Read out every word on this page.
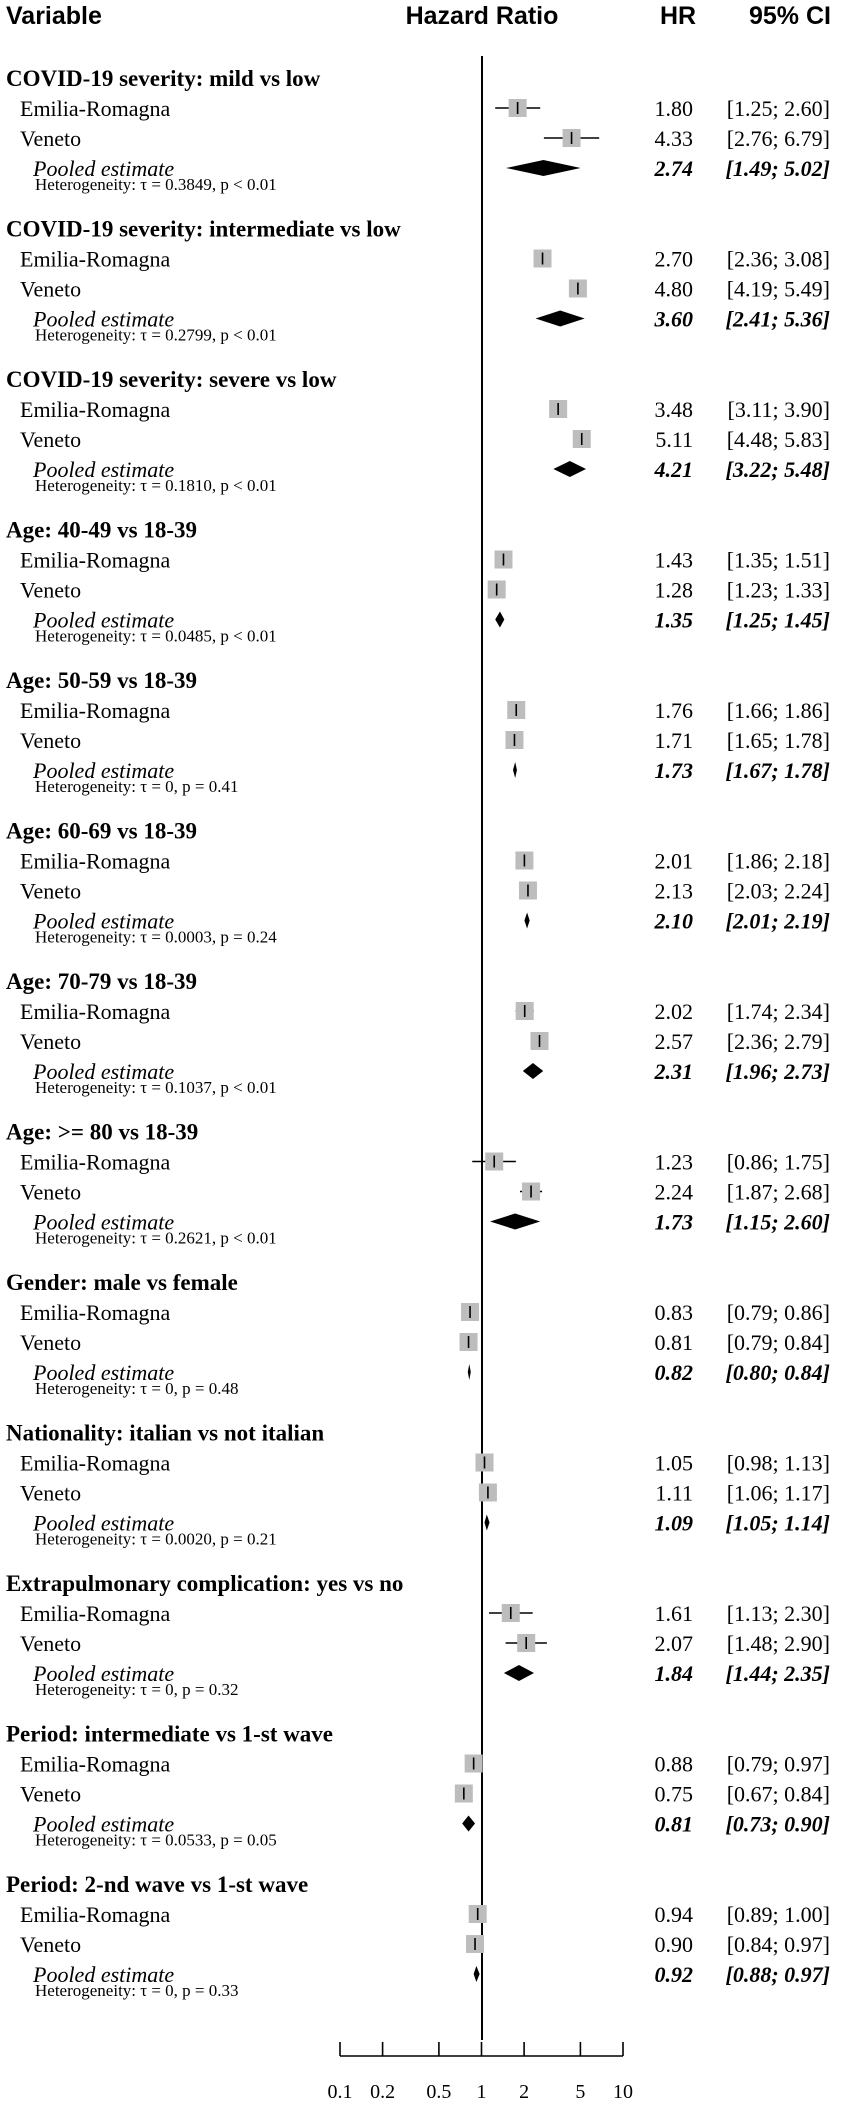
Variable	Hazard Ratio	HR 95% CI
COVID-19 severity: mild vs low
Emilia-Romagna	1.80 [1.25; 2.60]
Veneto	4.33 [2.76; 6.79]
Pooled estimate	2.74 [1.49; 5.02]
Heterogeneity: τ = 0.3849, p < 0.01
COVID-19 severity: intermediate vs low
Emilia-Romagna	2.70 [2.36; 3.08]
Veneto	4.80 [4.19; 5.49]
Pooled estimate	3.60 [2.41; 5.36]
Heterogeneity: τ = 0.2799, p < 0.01
COVID-19 severity: severe vs low
Emilia-Romagna	3.48 [3.11; 3.90]
Veneto	5.11 [4.48; 5.83]
Pooled estimate	4.21 [3.22; 5.48]
Heterogeneity: τ = 0.1810, p < 0.01
Age: 40-49 vs 18-39
Emilia-Romagna	1.43 [1.35; 1.51]
Veneto	1.28 [1.23; 1.33]
Pooled estimate	1.35 [1.25; 1.45]
Heterogeneity: τ = 0.0485, p < 0.01
Age: 50-59 vs 18-39
Emilia-Romagna	1.76 [1.66; 1.86]
Veneto	1.71 [1.65; 1.78]
Pooled estimate	1.73 [1.67; 1.78]
Heterogeneity: τ = 0, p = 0.41
Age: 60-69 vs 18-39
Emilia-Romagna	2.01 [1.86; 2.18]
Veneto	2.13 [2.03; 2.24]
Pooled estimate	2.10 [2.01; 2.19]
Heterogeneity: τ = 0.0003, p = 0.24
Age: 70-79 vs 18-39
Emilia-Romagna	2.02 [1.74; 2.34]
Veneto	2.57 [2.36; 2.79]
Pooled estimate	2.31 [1.96; 2.73]
Heterogeneity: τ = 0.1037, p < 0.01
Age: >= 80 vs 18-39
Emilia-Romagna	1.23 [0.86; 1.75]
Veneto	2.24 [1.87; 2.68]
Pooled estimate	1.73 [1.15; 2.60]
Heterogeneity: τ = 0.2621, p < 0.01
Gender: male vs female
Emilia-Romagna	0.83 [0.79; 0.86]
Veneto	0.81 [0.79; 0.84]
Pooled estimate	0.82 [0.80; 0.84]
Heterogeneity: τ = 0, p = 0.48
Nationality: italian vs not italian
Emilia-Romagna	1.05 [0.98; 1.13]
Veneto	1.11 [1.06; 1.17]
Pooled estimate	1.09 [1.05; 1.14]
Heterogeneity: τ = 0.0020, p = 0.21
Extrapulmonary complication: yes vs no
Emilia-Romagna	1.61 [1.13; 2.30]
Veneto	2.07 [1.48; 2.90]
Pooled estimate	1.84 [1.44; 2.35]
Heterogeneity: τ = 0, p = 0.32
Period: intermediate vs 1-st wave
Emilia-Romagna	0.88 [0.79; 0.97]
Veneto	0.75 [0.67; 0.84]
Pooled estimate	0.81 [0.73; 0.90]
Heterogeneity: τ = 0.0533, p = 0.05
Period: 2-nd wave vs 1-st wave
Emilia-Romagna	0.94 [0.89; 1.00]
Veneto	0.90 [0.84; 0.97]
Pooled estimate	0.92 [0.88; 0.97]
Heterogeneity: τ = 0, p = 0.33
0.1 0.2 0.5 1 2 5 10
